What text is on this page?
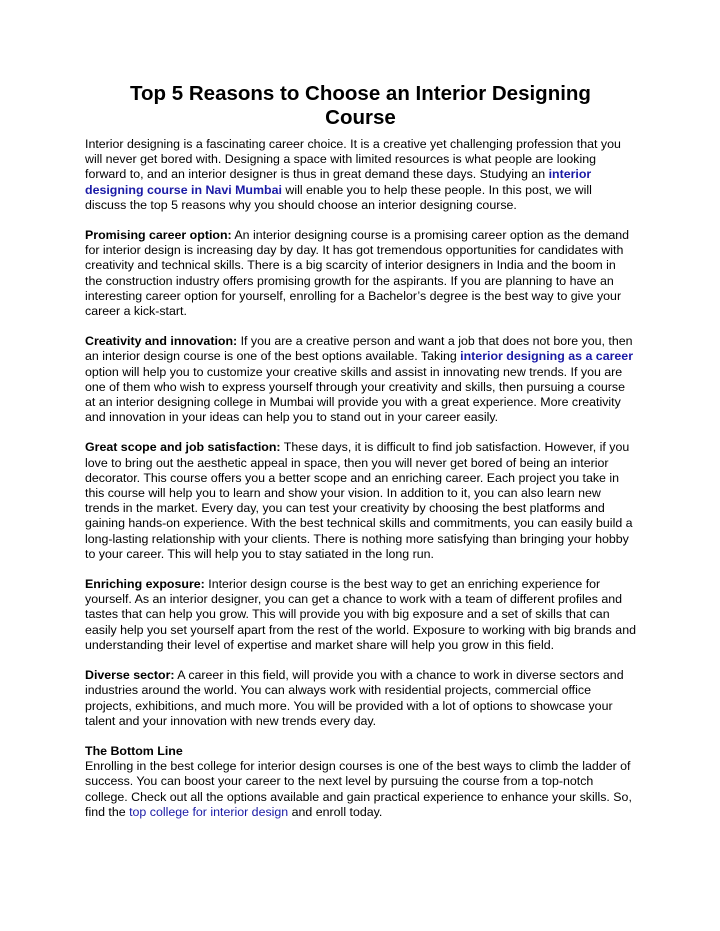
Top 5 Reasons to Choose an Interior Designing Course

Interior designing is a fascinating career choice. It is a creative yet challenging profession that you will never get bored with. Designing a space with limited resources is what people are looking forward to, and an interior designer is thus in great demand these days. Studying an interior designing course in Navi Mumbai will enable you to help these people. In this post, we will discuss the top 5 reasons why you should choose an interior designing course.

Promising career option: An interior designing course is a promising career option as the demand for interior design is increasing day by day. It has got tremendous opportunities for candidates with creativity and technical skills. There is a big scarcity of interior designers in India and the boom in the construction industry offers promising growth for the aspirants. If you are planning to have an interesting career option for yourself, enrolling for a Bachelor’s degree is the best way to give your career a kick-start.

Creativity and innovation: If you are a creative person and want a job that does not bore you, then an interior design course is one of the best options available. Taking interior designing as a career option will help you to customize your creative skills and assist in innovating new trends. If you are one of them who wish to express yourself through your creativity and skills, then pursuing a course at an interior designing college in Mumbai will provide you with a great experience. More creativity and innovation in your ideas can help you to stand out in your career easily.

Great scope and job satisfaction: These days, it is difficult to find job satisfaction. However, if you love to bring out the aesthetic appeal in space, then you will never get bored of being an interior decorator. This course offers you a better scope and an enriching career. Each project you take in this course will help you to learn and show your vision. In addition to it, you can also learn new trends in the market. Every day, you can test your creativity by choosing the best platforms and gaining hands-on experience. With the best technical skills and commitments, you can easily build a long-lasting relationship with your clients. There is nothing more satisfying than bringing your hobby to your career. This will help you to stay satiated in the long run.

Enriching exposure: Interior design course is the best way to get an enriching experience for yourself. As an interior designer, you can get a chance to work with a team of different profiles and tastes that can help you grow. This will provide you with big exposure and a set of skills that can easily help you set yourself apart from the rest of the world. Exposure to working with big brands and understanding their level of expertise and market share will help you grow in this field.

Diverse sector: A career in this field, will provide you with a chance to work in diverse sectors and industries around the world. You can always work with residential projects, commercial office projects, exhibitions, and much more. You will be provided with a lot of options to showcase your talent and your innovation with new trends every day.

The Bottom Line
Enrolling in the best college for interior design courses is one of the best ways to climb the ladder of success. You can boost your career to the next level by pursuing the course from a top-notch college. Check out all the options available and gain practical experience to enhance your skills. So, find the top college for interior design and enroll today.
